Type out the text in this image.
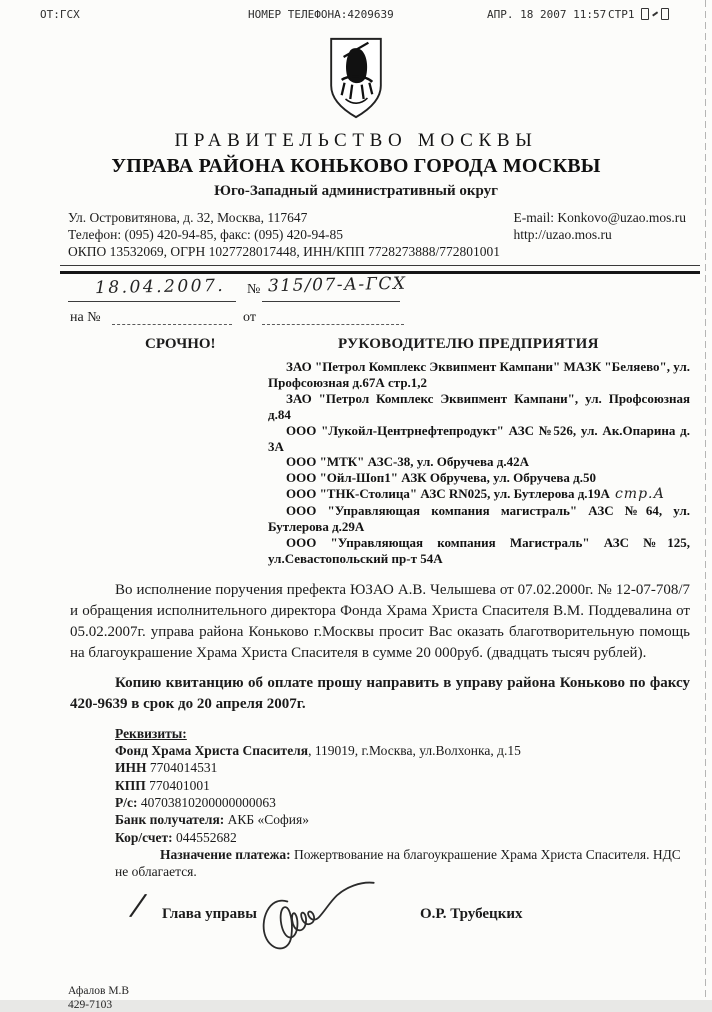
ОТ:ГСХ	НОМЕР ТЕЛЕФОНА:4209639	АПР. 18 2007 11:57 СТР1
ПРАВИТЕЛЬСТВО МОСКВЫ
УПРАВА РАЙОНА КОНЬКОВО ГОРОДА МОСКВЫ
Юго-Западный административный округ
Ул. Островитянова, д. 32, Москва, 117647
Телефон: (095) 420-94-85, факс: (095) 420-94-85
ОКПО 13532069, ОГРН 1027728017448, ИНН/КПП 7728273888/772801001
E-mail: Konkovo@uzao.mos.ru
http://uzao.mos.ru
18.04.2007. № 315/07-А-ГСХ
на №	от
СРОЧНО!	РУКОВОДИТЕЛЮ ПРЕДПРИЯТИЯ

ЗАО "Петрол Комплекс Эквипмент Кампани" МАЗК "Беляево", ул. Профсоюзная д.67А стр.1,2

ЗАО "Петрол Комплекс Эквипмент Кампани", ул. Профсоюзная д.84

ООО "Лукойл-Центрнефтепродукт" АЗС №526, ул. Ак.Опарина д. 3А

ООО "МТК" АЗС-38, ул. Обручева д.42А

ООО "Ойл-Шоп1" АЗК Обручева, ул. Обручева д.50

ООО "ТНК-Столица" АЗС RN025, ул. Бутлерова д.19А стр.А

ООО "Управляющая компания магистраль" АЗС №64, ул. Бутлерова д.29А

ООО "Управляющая компания Магистраль" АЗС №125, ул.Севастопольский пр-т 54А

Во исполнение поручения префекта ЮЗАО А.В. Челышева от 07.02.2000г. № 12-07-708/7 и обращения исполнительного директора Фонда Храма Христа Спасителя В.М. Поддевалина от 05.02.2007г. управа района Коньково г.Москвы просит Вас оказать благотворительную помощь на благоукрашение Храма Христа Спасителя в сумме 20 000руб. (двадцать тысяч рублей).

Копию квитанцию об оплате прошу направить в управу района Коньково по факсу 420-9639 в срок до 20 апреля 2007г.

Реквизиты:

Фонд Храма Христа Спасителя, 119019, г.Москва, ул.Волхонка, д.15

ИНН 7704014531

КПП 770401001

Р/с: 40703810200000000063

Банк получателя: АКБ «София»

Кор/счет: 044552682

Назначение платежа: Пожертвование на благоукрашение Храма Христа Спасителя. НДС не облагается.

/ Глава управы	О.Р. Трубецких
Афалов М.В
429-7103
